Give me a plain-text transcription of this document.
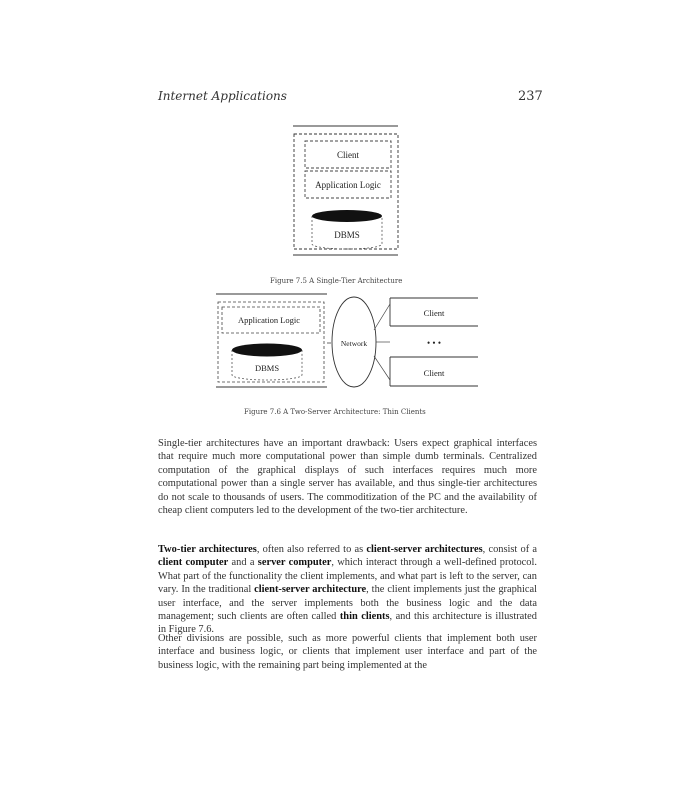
Internet Applications	237
Client
Application Logic
DBMS
Figure 7.5 A Single-Tier Architecture
Application Logic
DBMS
Network
Client
• • •
Client
Figure 7.6 A Two-Server Architecture: Thin Clients
Single-tier architectures have an important drawback: Users expect graphical interfaces that require much more computational power than simple dumb terminals. Centralized computation of the graphical displays of such interfaces requires much more computational power than a single server has available, and thus single-tier architectures do not scale to thousands of users. The commoditization of the PC and the availability of cheap client computers led to the development of the two-tier architecture.
Two-tier architectures, often also referred to as client-server architectures, consist of a client computer and a server computer, which interact through a well-defined protocol. What part of the functionality the client implements, and what part is left to the server, can vary. In the traditional client-server architecture, the client implements just the graphical user interface, and the server implements both the business logic and the data management; such clients are often called thin clients, and this architecture is illustrated in Figure 7.6.
Other divisions are possible, such as more powerful clients that implement both user interface and business logic, or clients that implement user interface and part of the business logic, with the remaining part being implemented at the
